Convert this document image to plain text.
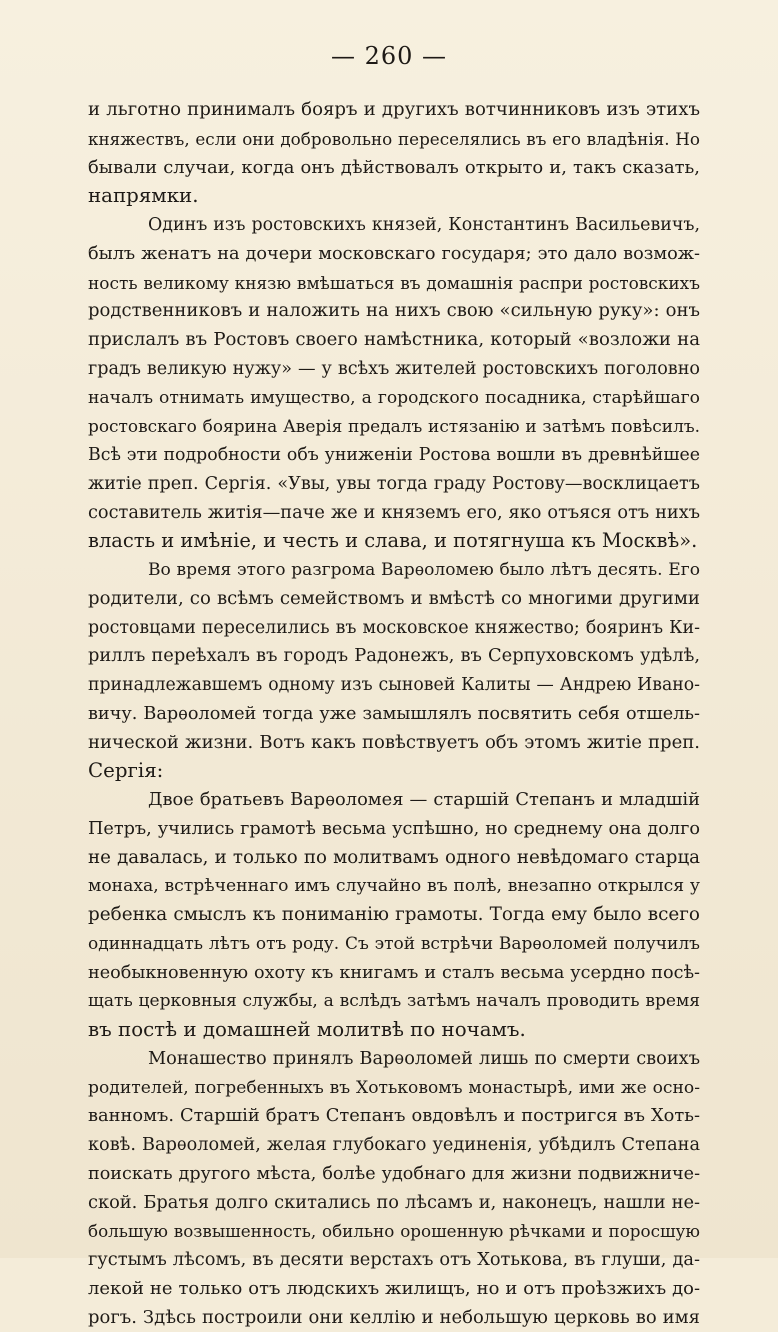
— 260 —
и льготно принималъ бояръ и другихъ вотчинниковъ изъ этихъ
княжествъ, если они добровольно переселялись въ его владѣнія. Но
бывали случаи, когда онъ дѣйствовалъ открыто и, такъ сказать,
напрямки.
Одинъ изъ ростовскихъ князей, Константинъ Васильевичъ,
былъ женатъ на дочери московскаго государя; это дало возмож-
ность великому князю вмѣшаться въ домашнія распри ростовскихъ
родственниковъ и наложить на нихъ свою «сильную руку»: онъ
прислалъ въ Ростовъ своего намѣстника, который «возложи на
градъ великую нужу» — у всѣхъ жителей ростовскихъ поголовно
началъ отнимать имущество, а городского посадника, старѣйшаго
ростовскаго боярина Аверія предалъ истязанію и затѣмъ повѣсилъ.
Всѣ эти подробности объ униженіи Ростова вошли въ древнѣйшее
житіе преп. Сергія. «Увы, увы тогда граду Ростову—восклицаетъ
составитель житія—паче же и княземъ его, яко отъяся отъ нихъ
власть и имѣніе, и честь и слава, и потягнуша къ Москвѣ».
Во время этого разгрома Варѳоломею было лѣтъ десять. Его
родители, со всѣмъ семействомъ и вмѣстѣ со многими другими
ростовцами переселились въ московское княжество; бояринъ Ки-
риллъ переѣхалъ въ городъ Радонежъ, въ Серпуховскомъ удѣлѣ,
принадлежавшемъ одному изъ сыновей Калиты — Андрею Ивано-
вичу. Варѳоломей тогда уже замышлялъ посвятить себя отшель-
нической жизни. Вотъ какъ повѣствуетъ объ этомъ житіе преп.
Сергія:
Двое братьевъ Варѳоломея — старшій Степанъ и младшій
Петръ, учились грамотѣ весьма успѣшно, но среднему она долго
не давалась, и только по молитвамъ одного невѣдомаго старца
монаха, встрѣченнаго имъ случайно въ полѣ, внезапно открылся у
ребенка смыслъ къ пониманію грамоты. Тогда ему было всего
одиннадцать лѣтъ отъ роду. Съ этой встрѣчи Варѳоломей получилъ
необыкновенную охоту къ книгамъ и сталъ весьма усердно посѣ-
щать церковныя службы, а вслѣдъ затѣмъ началъ проводить время
въ постѣ и домашней молитвѣ по ночамъ.
Монашество принялъ Варѳоломей лишь по смерти своихъ
родителей, погребенныхъ въ Хотьковомъ монастырѣ, ими же осно-
ванномъ. Старшій братъ Степанъ овдовѣлъ и постригся въ Хоть-
ковѣ. Варѳоломей, желая глубокаго уединенія, убѣдилъ Степана
поискать другого мѣста, болѣе удобнаго для жизни подвижниче-
ской. Братья долго скитались по лѣсамъ и, наконецъ, нашли не-
большую возвышенность, обильно орошенную рѣчками и поросшую
густымъ лѣсомъ, въ десяти верстахъ отъ Хотькова, въ глуши, да-
лекой не только отъ людскихъ жилищъ, но и отъ проѣзжихъ до-
рогъ. Здѣсь построили они келлію и небольшую церковь во имя
